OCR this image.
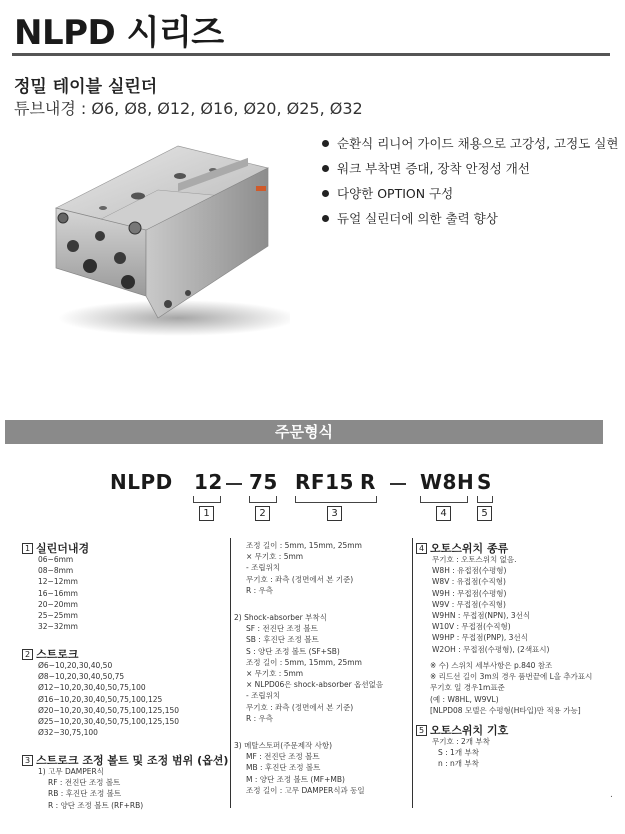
NLPD 시리즈
정밀 테이블 실린더
튜브내경 : Ø6, Ø8, Ø12, Ø16, Ø20, Ø25, Ø32
순환식 리니어 가이드 채용으로 고강성, 고정도 실현
워크 부착면 증대, 장착 안정성 개선
다양한 OPTION 구성
듀얼 실린더에 의한 출력 향상
주문형식
NLPD 12 75 RF15 R W8H S
1	2	3	4	5
1 실린더내경
06−6mm
08−8mm
12−12mm
16−16mm
20−20mm
25−25mm
32−32mm
2 스트로크
Ø6−10,20,30,40,50
Ø8−10,20,30,40,50,75
Ø12−10,20,30,40,50,75,100
Ø16−10,20,30,40,50,75,100,125
Ø20−10,20,30,40,50,75,100,125,150
Ø25−10,20,30,40,50,75,100,125,150
Ø32−30,75,100
3 스트로크 조정 볼트 및 조정 범위 (옵션)
1) 고무 DAMPER식
RF : 전진단 조정 볼트
RB : 후진단 조정 볼트
R : 양단 조정 볼트 (RF+RB)
조정 길이 : 5mm, 15mm, 25mm
× 무기호 : 5mm
- 조립위치
무기호 : 좌측 (정면에서 본 기준)
R : 우측
2) Shock-absorber 부착식
SF : 전진단 조정 볼트
SB : 후진단 조정 볼트
S : 양단 조정 볼트 (SF+SB)
조정 길이 : 5mm, 15mm, 25mm
× 무기호 : 5mm
× NLPD06은 shock-absorber 옵션없음
- 조립위치
무기호 : 좌측 (정면에서 본 기준)
R : 우측
3) 메탈스토퍼(주문제작 사항)
MF : 전진단 조정 볼트
MB : 후진단 조정 볼트
M : 양단 조정 볼트 (MF+MB)
조정 길이 : 고무 DAMPER식과 동일
4 오토스위치 종류
무기호 : 오토스위치 없음.
W8H : 유접점(수평형)
W8V : 유접점(수직형)
W9H : 무접점(수평형)
W9V : 무접점(수직형)
W9HN : 무접점(NPN), 3선식
W10V : 무접점(수직형)
W9HP : 무접점(PNP), 3선식
W2OH : 무접점(수평형), (2색표시)
※ 수) 스위치 세부사항은 p.840 참조
※ 리드선 길이 3m의 경우 품번끝에 L을 추가표시
무기호 일 경우1m표준
(예 : W8HL, W9VL)
[NLPD08 모델은 수평형(H타입)만 적용 가능]
5 오토스위치 기호
무기호 : 2개 부착
S : 1개 부착
n : n개 부착
.
